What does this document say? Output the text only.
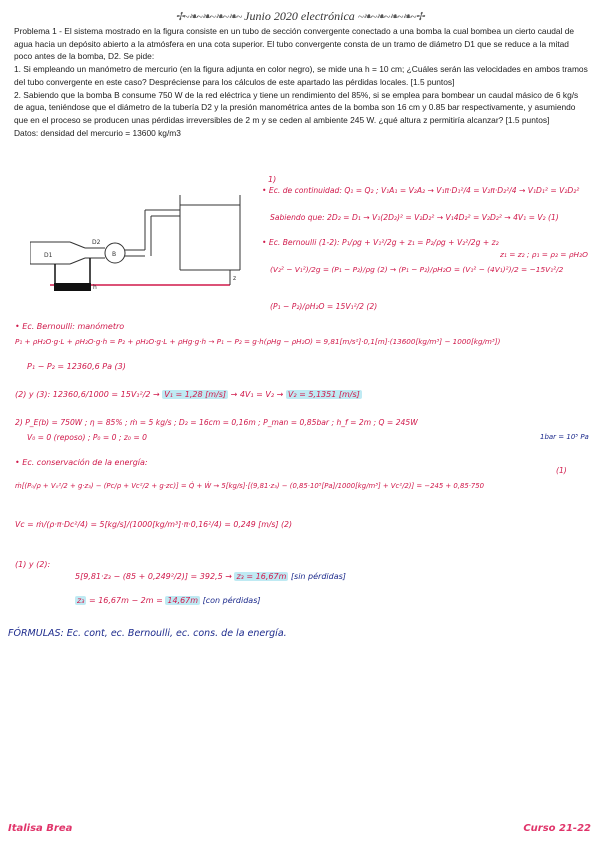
✢~❧~❧~❧~❧~ Junio 2020 electrónica ~❧~❧~❧~❧~✢

Problema 1 - El sistema mostrado en la figura consiste en un tubo de sección convergente conectado a una bomba la cual bombea un cierto caudal de agua hacia un depósito abierto a la atmósfera en una cota superior. El tubo convergente consta de un tramo de diámetro D1 que se reduce a la mitad poco antes de la bomba, D2. Se pide:

1. Si empleando un manómetro de mercurio (en la figura adjunta en color negro), se mide una h = 10 cm; ¿Cuáles serán las velocidades en ambos tramos del tubo convergente en este caso? Despréciense para los cálculos de este apartado las pérdidas locales. [1.5 puntos]

2. Sabiendo que la bomba B consume 750 W de la red eléctrica y tiene un rendimiento del 85%, si se emplea para bombear un caudal másico de 6 kg/s de agua, teniéndose que el diámetro de la tubería D2 y la presión manométrica antes de la bomba son 16 cm y 0.85 bar respectivamente, y asumiendo que en el proceso se producen unas pérdidas irreversibles de 2 m y se ceden al ambiente 245 W. ¿qué altura z permitiría alcanzar? [1.5 puntos]

Datos: densidad del mercurio = 13600 kg/m3

D1
D2
B
z
h
1)
• Ec. de continuidad: Q₁ = Q₂ ; V₁A₁ = V₂A₂ → V₁π·D₁²/4 = V₂π·D₂²/4 → V₁D₁² = V₂D₂²
Sabiendo que: 2D₂ = D₁ → V₁(2D₂)² = V₂D₂² → V₁4D₂² = V₂D₂² → 4V₁ = V₂ (1)
• Ec. Bernoulli (1-2): P₁/ρg + V₁²/2g + z₁ = P₂/ρg + V₂²/2g + z₂
z₁ = z₂ ; ρ₁ = ρ₂ = ρH₂O
(V₂² − V₁²)/2g = (P₁ − P₂)/ρg (2) → (P₁ − P₂)/ρH₂O = (V₁² − (4V₁)²)/2 = −15V₁²/2
(P₁ − P₂)/ρH₂O = 15V₁²/2 (2)
• Ec. Bernoulli: manómetro
P₁ + ρH₂O·g·L + ρH₂O·g·h = P₂ + ρH₂O·g·L + ρHg·g·h → P₁ − P₂ = g·h(ρHg − ρH₂O) = 9,81[m/s²]·0,1[m]·(13600[kg/m³] − 1000[kg/m³])
P₁ − P₂ = 12360,6 Pa (3)
(2) y (3): 12360,6/1000 = 15V₁²/2 → V₁ = 1,28 [m/s] → 4V₁ = V₂ → V₂ = 5,1351 [m/s]
2) P_E(b) = 750W ; η = 85% ; ṁ = 5 kg/s ; D₂ = 16cm = 0,16m ; P_man = 0,85bar ; h_f = 2m ; Q = 245W
V₀ = 0 (reposo) ; P₀ = 0 ; z₀ = 0	1bar = 10⁵ Pa
• Ec. conservación de la energía:
ṁ[(P₀/ρ + V₀²/2 + g·z₃) − (Pc/ρ + Vc²/2 + g·zc)] = Q̇ + Ẇ → 5[kg/s]·[(9,81·z₃) − (0,85·10⁵[Pa]/1000[kg/m³] + Vc²/2)] = −245 + 0,85·750
(1)
Vc = ṁ/(ρ·π·Dc²/4) = 5[kg/s]/(1000[kg/m³]·π·0,16²/4) = 0,249 [m/s] (2)
(1) y (2):
5[9,81·z₃ − (85 + 0,249²/2)] = 392,5 → z₃ = 16,67m [sin pérdidas]
z₃ = 16,67m − 2m = 14,67m [con pérdidas]
FÓRMULAS: Ec. cont, ec. Bernoulli, ec. cons. de la energía.
Italisa Brea	Curso 21-22
